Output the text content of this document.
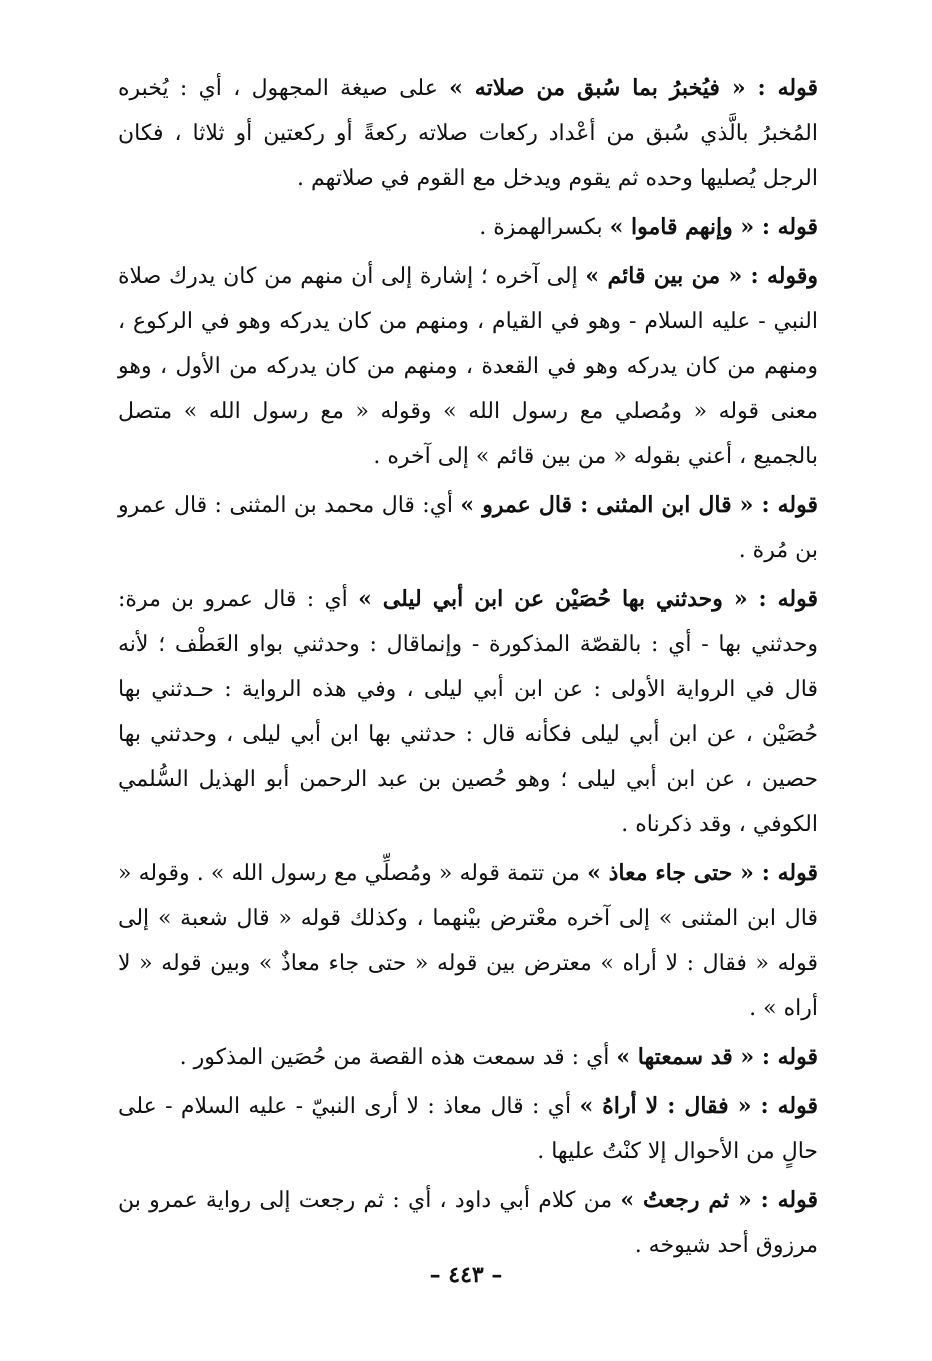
قوله : « فيُخبرُ بما سُبق من صلاته » على صيغة المجهول ، أي : يُخبره المُخبرُ بالَّذي سُبق من أعْداد ركعات صلاته ركعةً أو ركعتين أو ثلاثا ، فكان الرجل يُصليها وحده ثم يقوم ويدخل مع القوم في صلاتهم .

قوله : « وإنهم قاموا » بكسرالهمزة .

وقوله : « من بين قائم » إلى آخره ؛ إشارة إلى أن منهم من كان يدرك صلاة النبي - عليه السلام - وهو في القيام ، ومنهم من كان يدركه وهو في الركوع ، ومنهم من كان يدركه وهو في القعدة ، ومنهم من كان يدركه من الأول ، وهو معنى قوله « ومُصلي مع رسول الله » وقوله « مع رسول الله » متصل بالجميع ، أعني بقوله « من بين قائم » إلى آخره .

قوله : « قال ابن المثنى : قال عمرو » أي: قال محمد بن المثنى : قال عمرو بن مُرة .

قوله : « وحدثني بها حُصَيْن عن ابن أبي ليلى » أي : قال عمرو بن مرة: وحدثني بها - أي : بالقصّة المذكورة - وإنماقال : وحدثني بواو العَطْف ؛ لأنه قال في الرواية الأولى : عن ابن أبي ليلى ، وفي هذه الرواية : حـدثني بها حُصَيْن ، عن ابن أبي ليلى فكأنه قال : حدثني بها ابن أبي ليلى ، وحدثني بها حصين ، عن ابن أبي ليلى ؛ وهو حُصين بن عبد الرحمن أبو الهذيل السُّلمي الكوفي ، وقد ذكرناه .

قوله : « حتى جاء معاذ » من تتمة قوله « ومُصلِّي مع رسول الله » . وقوله « قال ابن المثنى » إلى آخره معْترض بيْنهما ، وكذلك قوله « قال شعبة » إلى قوله « فقال : لا أراه » معترض بين قوله « حتى جاء معاذٌ » وبين قوله « لا أراه » .

قوله : « قد سمعتها » أي : قد سمعت هذه القصة من حُصَين المذكور .

قوله : « فقال : لا أراهُ » أي : قال معاذ : لا أرى النبيّ - عليه السلام - على حالٍ من الأحوال إلا كنْتُ عليها .

قوله : « ثم رجعتُ » من كلام أبي داود ، أي : ثم رجعت إلى رواية عمرو بن مرزوق أحد شيوخه .

– ٤٤٣ –
